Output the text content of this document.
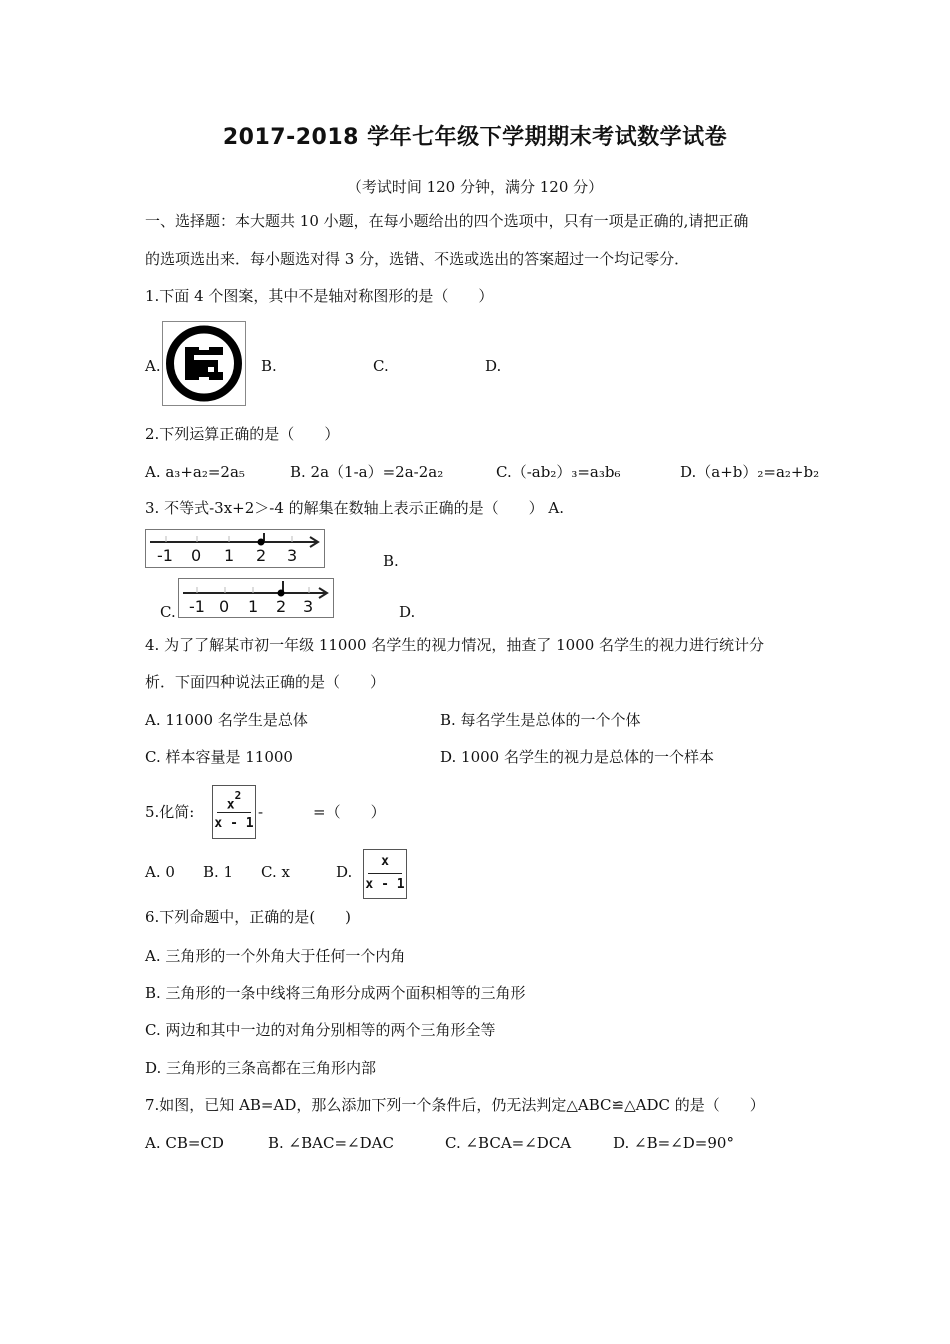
2017-2018 学年七年级下学期期末考试数学试卷
（考试时间 120 分钟，满分 120 分）
一、选择题：本大题共 10 小题，在每小题给出的四个选项中，只有一项是正确的,请把正确
的选项选出来．每小题选对得 3 分，选错、不选或选出的答案超过一个均记零分．
1.下面 4 个图案，其中不是轴对称图形的是（　　）
A.	B.	C.	D.
2.下列运算正确的是（　　）
A. a₃+a₂=2a₅	B. 2a（1-a）=2a-2a₂	C.（-ab₂）₃=a₃b₆	D.（a+b）₂=a₂+b₂
3. 不等式-3x+2＞-4 的解集在数轴上表示正确的是（　　） A.
-1 0 1 2 3	B.
C. -1 0 1 2 3	D.
4. 为了了解某市初一年级 11000 名学生的视力情况，抽查了 1000 名学生的视力进行统计分
析．下面四种说法正确的是（　　）
A. 11000 名学生是总体	B. 每名学生是总体的一个个体
C. 样本容量是 11000	D. 1000 名学生的视力是总体的一个样本
5.化简:	$x^2$
x - 1
-	=（　　）
A. 0 B. 1 C. x	D.
x
x - 1
6.下列命题中，正确的是(　　)
A. 三角形的一个外角大于任何一个内角
B. 三角形的一条中线将三角形分成两个面积相等的三角形
C. 两边和其中一边的对角分别相等的两个三角形全等
D. 三角形的三条高都在三角形内部
7.如图，已知 AB=AD，那么添加下列一个条件后，仍无法判定△ABC≌△ADC 的是（　　）
A. CB=CD	B. ∠BAC=∠DAC	C. ∠BCA=∠DCA	D. ∠B=∠D=90°
